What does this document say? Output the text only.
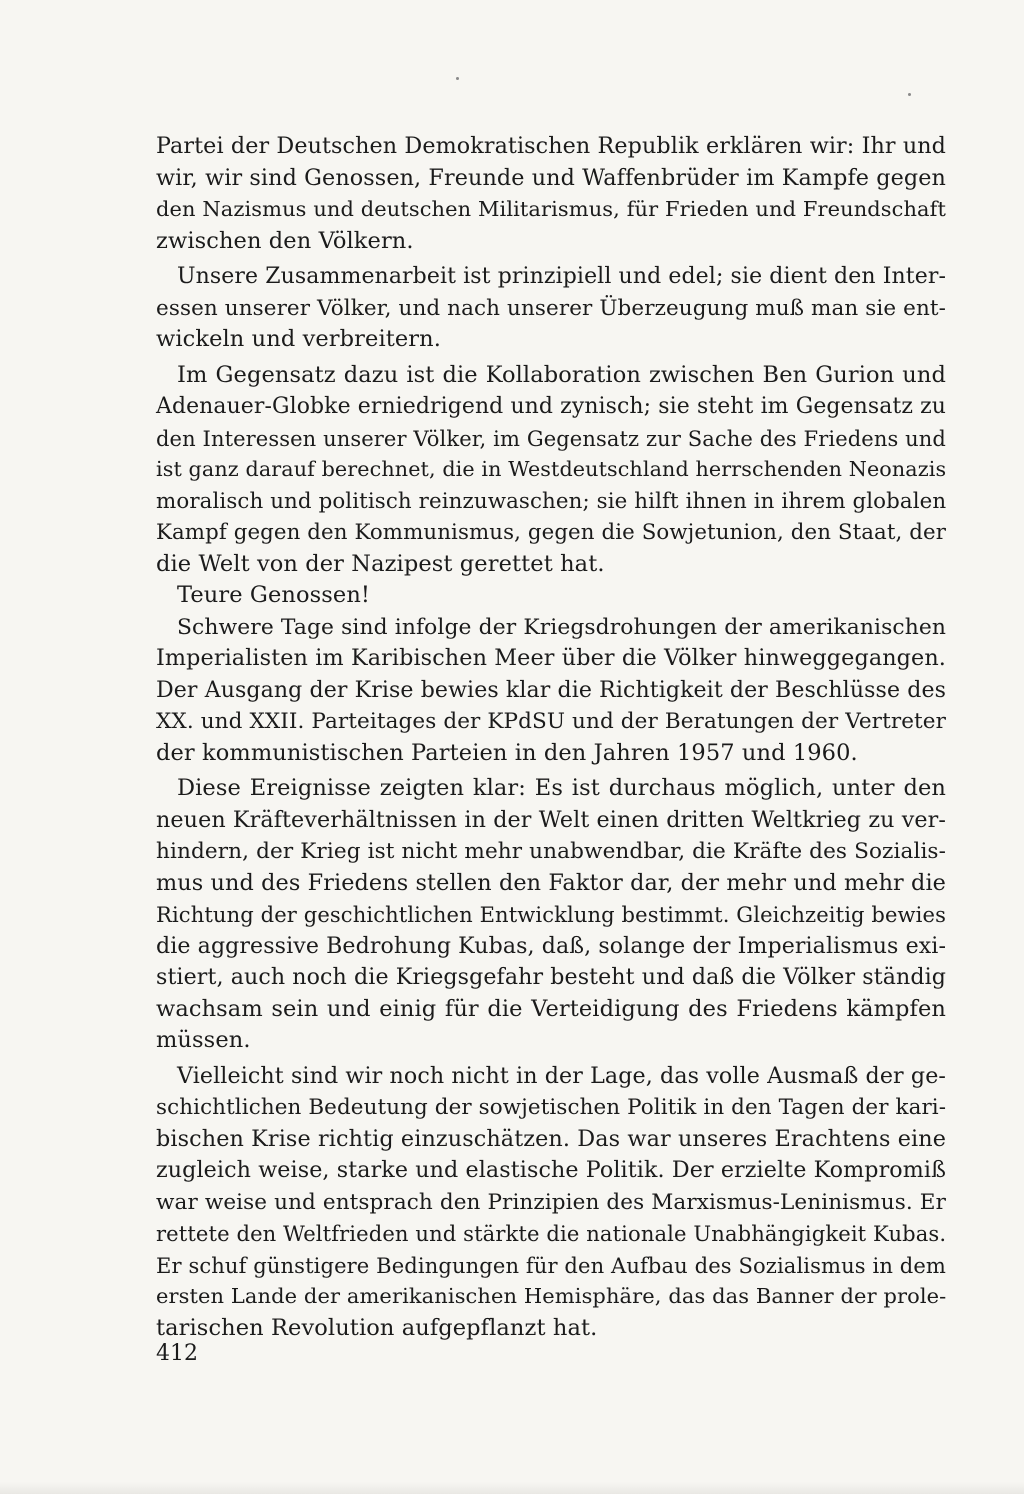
Partei der Deutschen Demokratischen Republik erklären wir: Ihr und
wir, wir sind Genossen, Freunde und Waffenbrüder im Kampfe gegen
den Nazismus und deutschen Militarismus, für Frieden und Freundschaft
zwischen den Völkern.

Unsere Zusammenarbeit ist prinzipiell und edel; sie dient den Inter-
essen unserer Völker, und nach unserer Überzeugung muß man sie ent-
wickeln und verbreitern.

Im Gegensatz dazu ist die Kollaboration zwischen Ben Gurion und
Adenauer-Globke erniedrigend und zynisch; sie steht im Gegensatz zu
den Interessen unserer Völker, im Gegensatz zur Sache des Friedens und
ist ganz darauf berechnet, die in Westdeutschland herrschenden Neonazis
moralisch und politisch reinzuwaschen; sie hilft ihnen in ihrem globalen
Kampf gegen den Kommunismus, gegen die Sowjetunion, den Staat, der
die Welt von der Nazipest gerettet hat.

Teure Genossen!

Schwere Tage sind infolge der Kriegsdrohungen der amerikanischen
Imperialisten im Karibischen Meer über die Völker hinweggegangen.
Der Ausgang der Krise bewies klar die Richtigkeit der Beschlüsse des
XX. und XXII. Parteitages der KPdSU und der Beratungen der Vertreter
der kommunistischen Parteien in den Jahren 1957 und 1960.

Diese Ereignisse zeigten klar: Es ist durchaus möglich, unter den
neuen Kräfteverhältnissen in der Welt einen dritten Weltkrieg zu ver-
hindern, der Krieg ist nicht mehr unabwendbar, die Kräfte des Sozialis-
mus und des Friedens stellen den Faktor dar, der mehr und mehr die
Richtung der geschichtlichen Entwicklung bestimmt. Gleichzeitig bewies
die aggressive Bedrohung Kubas, daß, solange der Imperialismus exi-
stiert, auch noch die Kriegsgefahr besteht und daß die Völker ständig
wachsam sein und einig für die Verteidigung des Friedens kämpfen
müssen.

Vielleicht sind wir noch nicht in der Lage, das volle Ausmaß der ge-
schichtlichen Bedeutung der sowjetischen Politik in den Tagen der kari-
bischen Krise richtig einzuschätzen. Das war unseres Erachtens eine
zugleich weise, starke und elastische Politik. Der erzielte Kompromiß
war weise und entsprach den Prinzipien des Marxismus-Leninismus. Er
rettete den Weltfrieden und stärkte die nationale Unabhängigkeit Kubas.
Er schuf günstigere Bedingungen für den Aufbau des Sozialismus in dem
ersten Lande der amerikanischen Hemisphäre, das das Banner der prole-
tarischen Revolution aufgepflanzt hat.

412
